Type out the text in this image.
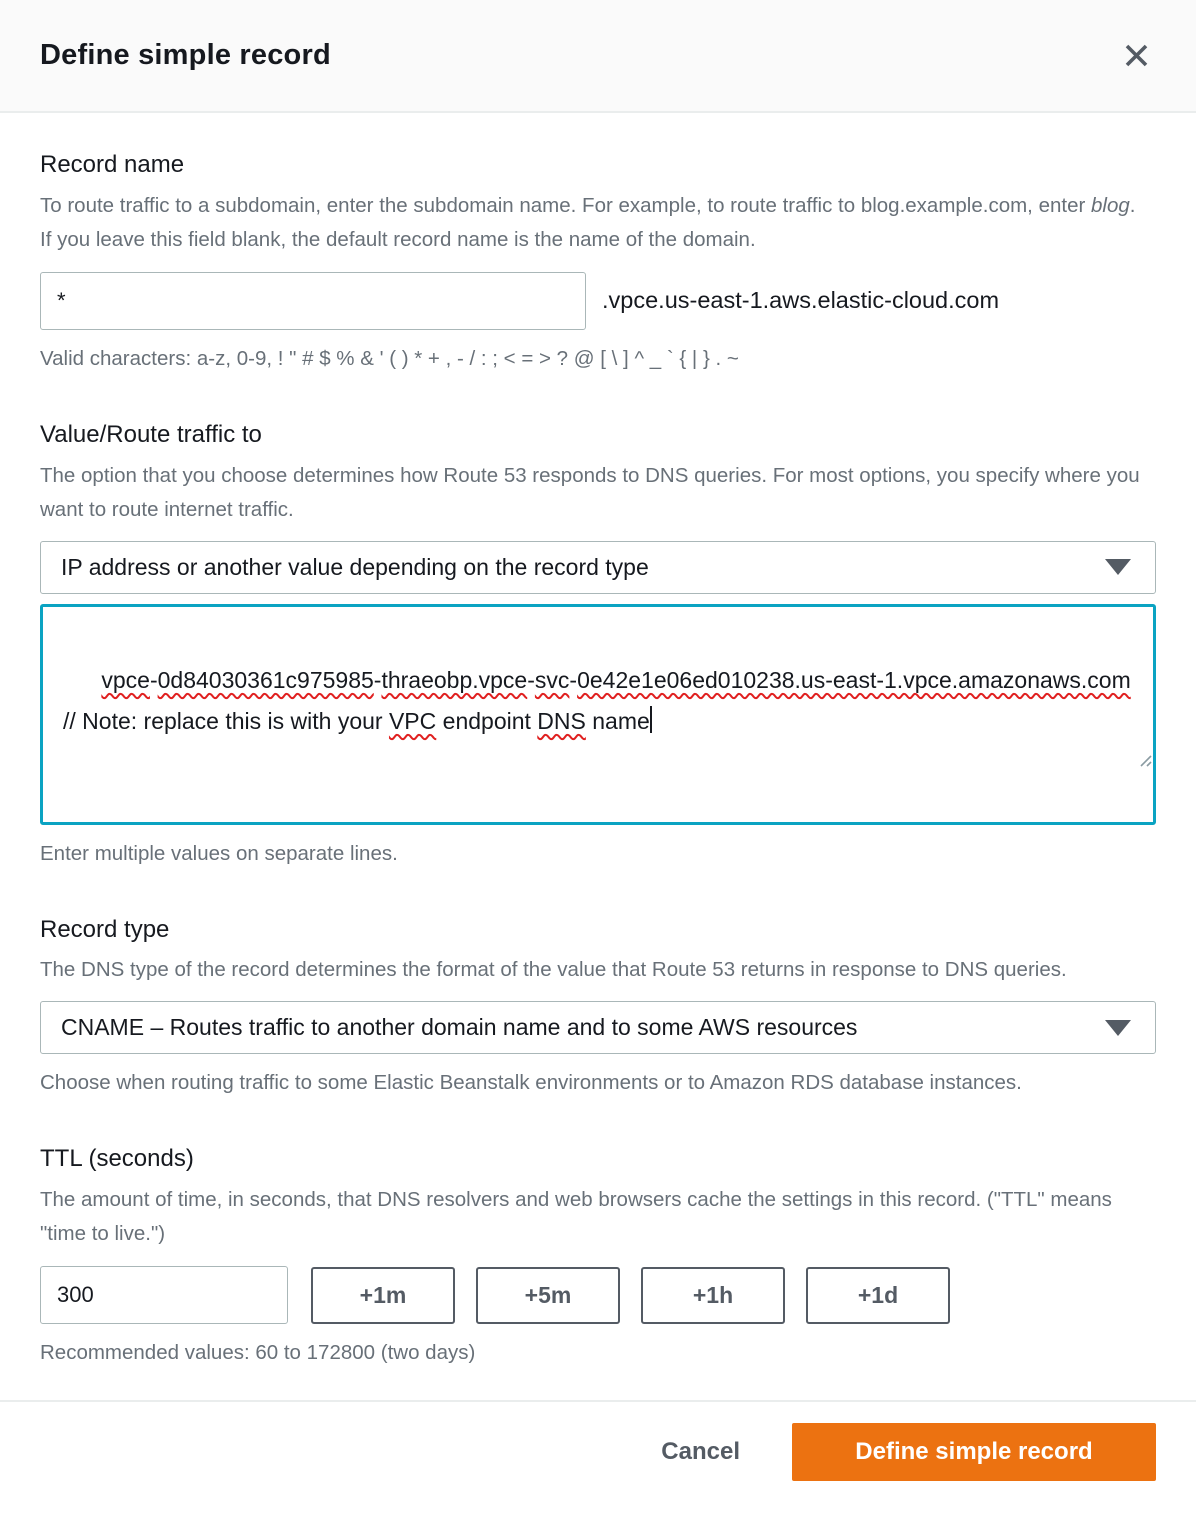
Define simple record
Record name
To route traffic to a subdomain, enter the subdomain name. For example, to route traffic to blog.example.com, enter blog. If you leave this field blank, the default record name is the name of the domain.
*
.vpce.us-east-1.aws.elastic-cloud.com
Valid characters: a-z, 0-9, ! " # $ % & ' ( ) * + , - / : ; < = > ? @ [ \ ] ^ _ ` { | } . ~
Value/Route traffic to
The option that you choose determines how Route 53 responds to DNS queries. For most options, you specify where you want to route internet traffic.
IP address or another value depending on the record type

vpce-0d84030361c975985-thraeobp.vpce-svc-0e42e1e06ed010238.us-east-1.vpce.amazonaws.com   // Note: replace this is with your VPC endpoint DNS name

Enter multiple values on separate lines.
Record type
The DNS type of the record determines the format of the value that Route 53 returns in response to DNS queries.
CNAME – Routes traffic to another domain name and to some AWS resources
Choose when routing traffic to some Elastic Beanstalk environments or to Amazon RDS database instances.
TTL (seconds)
The amount of time, in seconds, that DNS resolvers and web browsers cache the settings in this record. ("TTL" means "time to live.")
300
+1m	+5m	+1h	+1d
Recommended values: 60 to 172800 (two days)
Cancel	Define simple record
